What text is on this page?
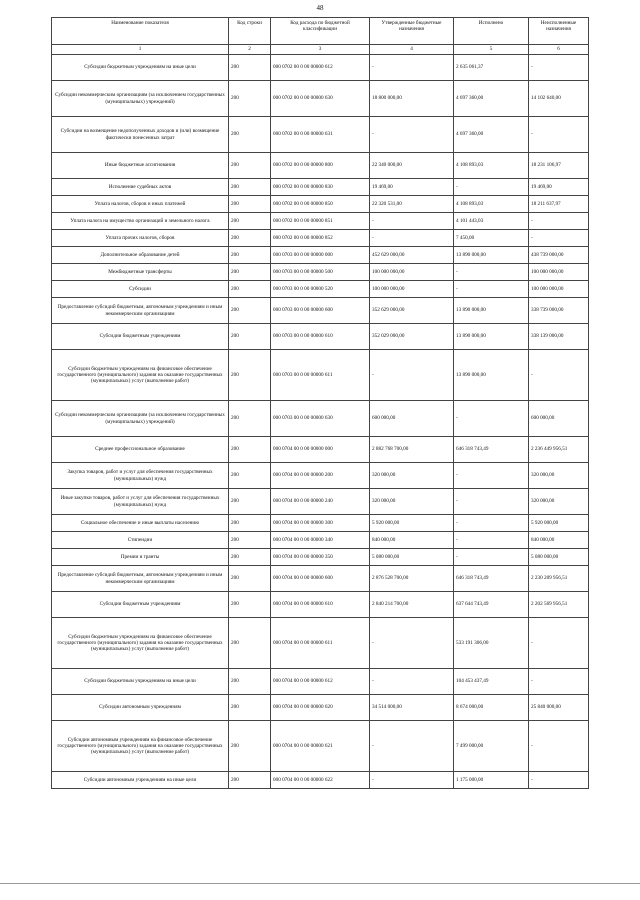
48
Наименование показателя	Код строки	Код расхода по бюджетной классификации	Утвержденные бюджетные назначения	Исполнено	Неисполненные назначения
1	2	3	4	5	6
Субсидии бюджетным учреждениям на иные цели	200	000 0702 00 0 00 00000 612	-	2 635 061,37	-
Субсидии некоммерческим организациям (за исключением государственных (муниципальных) учреждений)	200	000 0702 00 0 00 00000 630	18 800 000,00	4 697 360,00	14 102 640,00
Субсидии на возмещение недополученных доходов и (или) возмещение фактически понесенных затрат	200	000 0702 00 0 00 00000 631	-	4 697 360,00	-
Иные бюджетные ассигнования	200	000 0702 00 0 00 00000 800	22 340 000,00	4 108 893,03	18 231 106,97
Исполнение судебных актов	200	000 0702 00 0 00 00000 830	19 469,00	-	19 469,00
Уплата налогов, сборов и иных платежей	200	000 0702 00 0 00 00000 850	22 320 531,00	4 108 893,03	18 211 637,97
Уплата налога на имущество организаций и земельного налога	200	000 0702 00 0 00 00000 851	-	4 101 443,03	-
Уплата прочих налогов, сборов	200	000 0702 00 0 00 00000 852	-	7 450,00	-
Дополнительное образование детей	200	000 0703 00 0 00 00000 000	452 629 000,00	13 890 000,00	438 739 000,00
Межбюджетные трансферты	200	000 0703 00 0 00 00000 500	100 000 000,00	-	100 000 000,00
Субсидии	200	000 0703 00 0 00 00000 520	100 000 000,00	-	100 000 000,00
Предоставление субсидий бюджетным, автономным учреждениям и иным некоммерческим организациям	200	000 0703 00 0 00 00000 600	352 629 000,00	13 890 000,00	338 739 000,00
Субсидии бюджетным учреждениям	200	000 0703 00 0 00 00000 610	352 029 000,00	13 890 000,00	338 139 000,00
Субсидии бюджетным учреждениям на финансовое обеспечение государственного (муниципального) задания на оказание государственных (муниципальных) услуг (выполнение работ)	200	000 0703 00 0 00 00000 611	-	13 890 000,00	-
Субсидии некоммерческим организациям (за исключением государственных (муниципальных) учреждений)	200	000 0703 00 0 00 00000 630	600 000,00	-	600 000,00
Среднее профессиональное образование	200	000 0704 00 0 00 00000 000	2 882 768 700,00	646 318 743,49	2 236 449 956,51
Закупка товаров, работ и услуг для обеспечения государственных (муниципальных) нужд	200	000 0704 00 0 00 00000 200	320 000,00	-	320 000,00
Иные закупки товаров, работ и услуг для обеспечения государственных (муниципальных) нужд	200	000 0704 00 0 00 00000 240	320 000,00	-	320 000,00
Социальное обеспечение и иные выплаты населению	200	000 0704 00 0 00 00000 300	5 920 000,00	-	5 920 000,00
Стипендии	200	000 0704 00 0 00 00000 340	840 000,00	-	840 000,00
Премии и гранты	200	000 0704 00 0 00 00000 350	5 080 000,00	-	5 080 000,00
Предоставление субсидий бюджетным, автономным учреждениям и иным некоммерческим организациям	200	000 0704 00 0 00 00000 600	2 876 528 700,00	646 318 743,49	2 230 209 956,51
Субсидии бюджетным учреждениям	200	000 0704 00 0 00 00000 610	2 840 214 700,00	637 644 743,49	2 202 569 956,51
Субсидии бюджетным учреждениям на финансовое обеспечение государственного (муниципального) задания на оказание государственных (муниципальных) услуг (выполнение работ)	200	000 0704 00 0 00 00000 611	-	533 191 306,00	-
Субсидии бюджетным учреждениям на иные цели	200	000 0704 00 0 00 00000 612	-	104 453 437,49	-
Субсидии автономным учреждениям	200	000 0704 00 0 00 00000 620	34 514 000,00	8 674 000,00	25 840 000,00
Субсидии автономным учреждениям на финансовое обеспечение государственного (муниципального) задания на оказание государственных (муниципальных) услуг (выполнение работ)	200	000 0704 00 0 00 00000 621	-	7 499 000,00	-
Субсидии автономным учреждениям на иные цели	200	000 0704 00 0 00 00000 622	-	1 175 000,00	-
